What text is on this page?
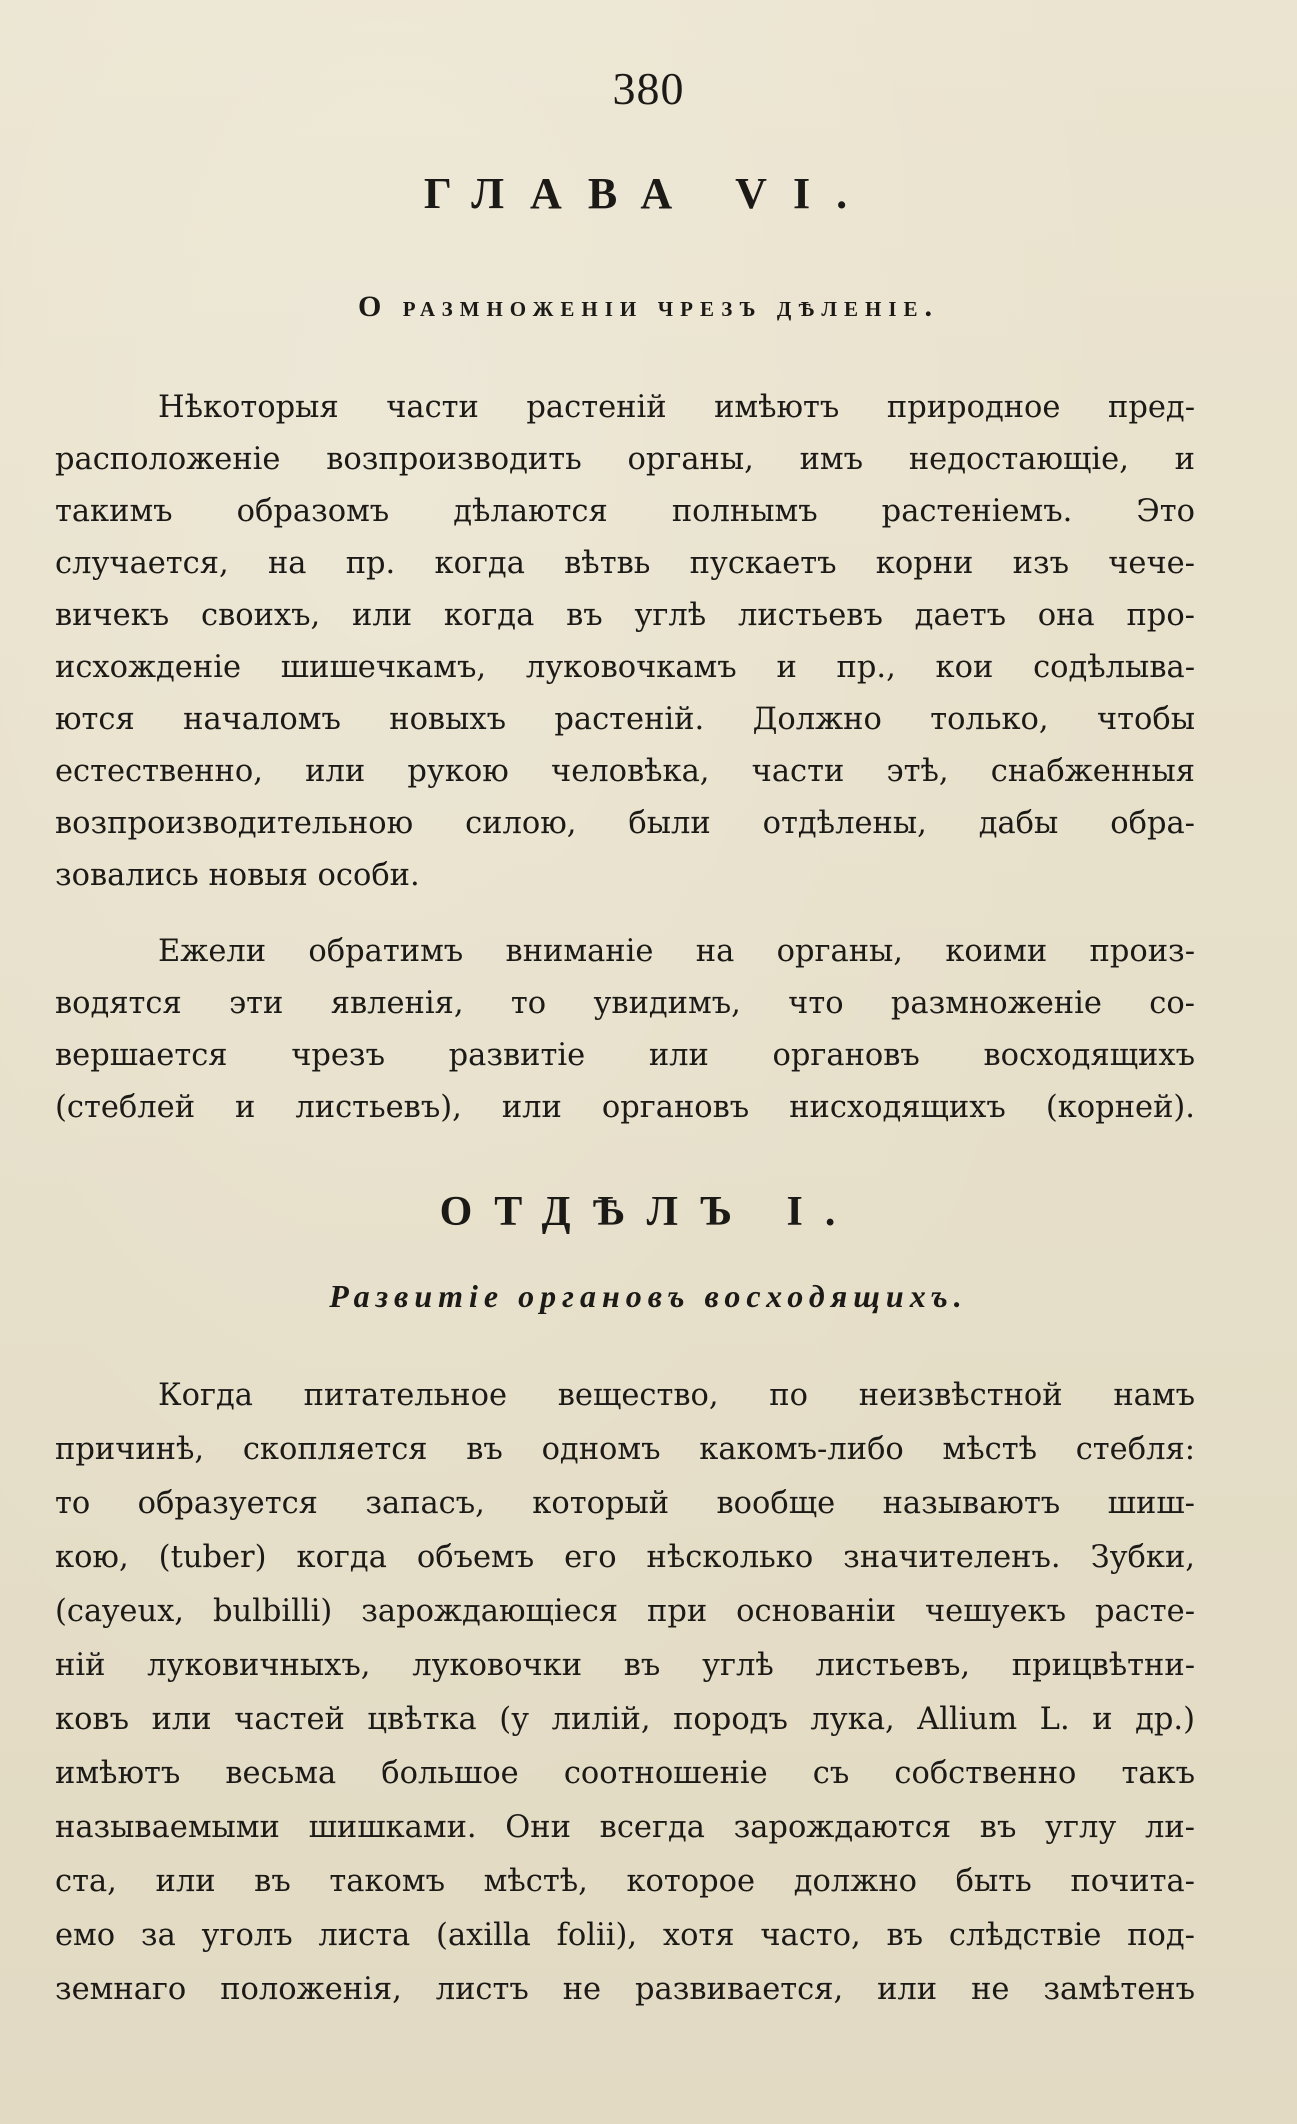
380
ГЛАВА VI.
О размноженіи чрезъ дѣленіе.
Нѣкоторыя части растеній имѣютъ природное пред-
расположеніе возпроизводить органы, имъ недостающіе, и
такимъ образомъ дѣлаются полнымъ растеніемъ. Это
случается, на пр. когда вѣтвь пускаетъ корни изъ чече-
вичекъ своихъ, или когда въ углѣ листьевъ даетъ она про-
исхожденіе шишечкамъ, луковочкамъ и пр., кои содѣлыва-
ются началомъ новыхъ растеній. Должно только, чтобы
естественно, или рукою человѣка, части этѣ, снабженныя
возпроизводительною силою, были отдѣлены, дабы обра-
зовались новыя особи.
Ежели обратимъ вниманіе на органы, коими произ-
водятся эти явленія, то увидимъ, что размноженіе со-
вершается чрезъ развитіе или органовъ восходящихъ
(стеблей и листьевъ), или органовъ нисходящихъ (корней).
ОТДѢЛЪ I.
Развитіе органовъ восходящихъ.
Когда питательное вещество, по неизвѣстной намъ
причинѣ, скопляется въ одномъ какомъ-либо мѣстѣ стебля:
то образуется запасъ, который вообще называютъ шиш-
кою, (tuber) когда объемъ его нѣсколько значителенъ. Зубки,
(cayeux, bulbilli) зарождающіеся при основаніи чешуекъ расте-
ній луковичныхъ, луковочки въ углѣ листьевъ, прицвѣтни-
ковъ или частей цвѣтка (у лилій, породъ лука, Allium L. и др.)
имѣютъ весьма большое соотношеніе съ собственно такъ
называемыми шишками. Они всегда зарождаются въ углу ли-
ста, или въ такомъ мѣстѣ, которое должно быть почита-
емо за уголъ листа (axilla folii), хотя часто, въ слѣдствіе под-
земнаго положенія, листъ не развивается, или не замѣтенъ
